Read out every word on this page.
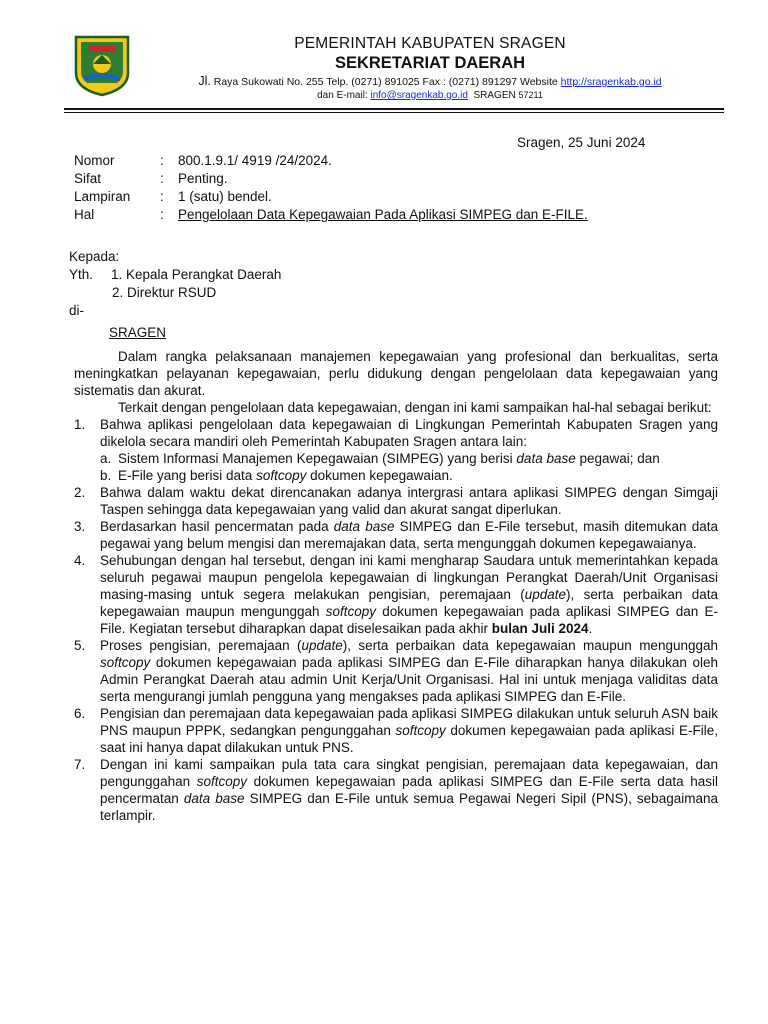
PEMERINTAH KABUPATEN SRAGEN
SEKRETARIAT DAERAH
Jl. Raya Sukowati No. 255 Telp. (0271) 891025 Fax : (0271) 891297 Website http://sragenkab.go.id
dan E-mail: info@sragenkab.go.id SRAGEN 57211
Sragen, 25 Juni 2024
Nomor	:	800.1.9.1/ 4919 /24/2024.
Sifat	:	Penting.
Lampiran	:	1 (satu) bendel.
Hal	:	Pengelolaan Data Kepegawaian Pada Aplikasi SIMPEG dan E-FILE.
Kepada:
Yth.	1. Kepala Perangkat Daerah
2. Direktur RSUD
di-
SRAGEN

Dalam rangka pelaksanaan manajemen kepegawaian yang profesional dan berkualitas, serta meningkatkan pelayanan kepegawaian, perlu didukung dengan pengelolaan data kepegawaian yang sistematis dan akurat.

Terkait dengan pengelolaan data kepegawaian, dengan ini kami sampaikan hal-hal sebagai berikut:

1.	Bahwa aplikasi pengelolaan data kepegawaian di Lingkungan Pemerintah Kabupaten Sragen yang dikelola secara mandiri oleh Pemerintah Kabupaten Sragen antara lain:
a. Sistem Informasi Manajemen Kepegawaian (SIMPEG) yang berisi data base pegawai; dan
b. E-File yang berisi data softcopy dokumen kepegawaian.
2.	Bahwa dalam waktu dekat direncanakan adanya intergrasi antara aplikasi SIMPEG dengan Simgaji Taspen sehingga data kepegawaian yang valid dan akurat sangat diperlukan.
3.	Berdasarkan hasil pencermatan pada data base SIMPEG dan E-File tersebut, masih ditemukan data pegawai yang belum mengisi dan meremajakan data, serta mengunggah dokumen kepegawaianya.
4.	Sehubungan dengan hal tersebut, dengan ini kami mengharap Saudara untuk memerintahkan kepada seluruh pegawai maupun pengelola kepegawaian di lingkungan Perangkat Daerah/Unit Organisasi masing-masing untuk segera melakukan pengisian, peremajaan (update), serta perbaikan data kepegawaian maupun mengunggah softcopy dokumen kepegawaian pada aplikasi SIMPEG dan E-File. Kegiatan tersebut diharapkan dapat diselesaikan pada akhir bulan Juli 2024.
5.	Proses pengisian, peremajaan (update), serta perbaikan data kepegawaian maupun mengunggah softcopy dokumen kepegawaian pada aplikasi SIMPEG dan E-File diharapkan hanya dilakukan oleh Admin Perangkat Daerah atau admin Unit Kerja/Unit Organisasi. Hal ini untuk menjaga validitas data serta mengurangi jumlah pengguna yang mengakses pada aplikasi SIMPEG dan E-File.
6.	Pengisian dan peremajaan data kepegawaian pada aplikasi SIMPEG dilakukan untuk seluruh ASN baik PNS maupun PPPK, sedangkan pengunggahan softcopy dokumen kepegawaian pada aplikasi E-File, saat ini hanya dapat dilakukan untuk PNS.
7.	Dengan ini kami sampaikan pula tata cara singkat pengisian, peremajaan data kepegawaian, dan pengunggahan softcopy dokumen kepegawaian pada aplikasi SIMPEG dan E-File serta data hasil pencermatan data base SIMPEG dan E-File untuk semua Pegawai Negeri Sipil (PNS), sebagaimana terlampir.
